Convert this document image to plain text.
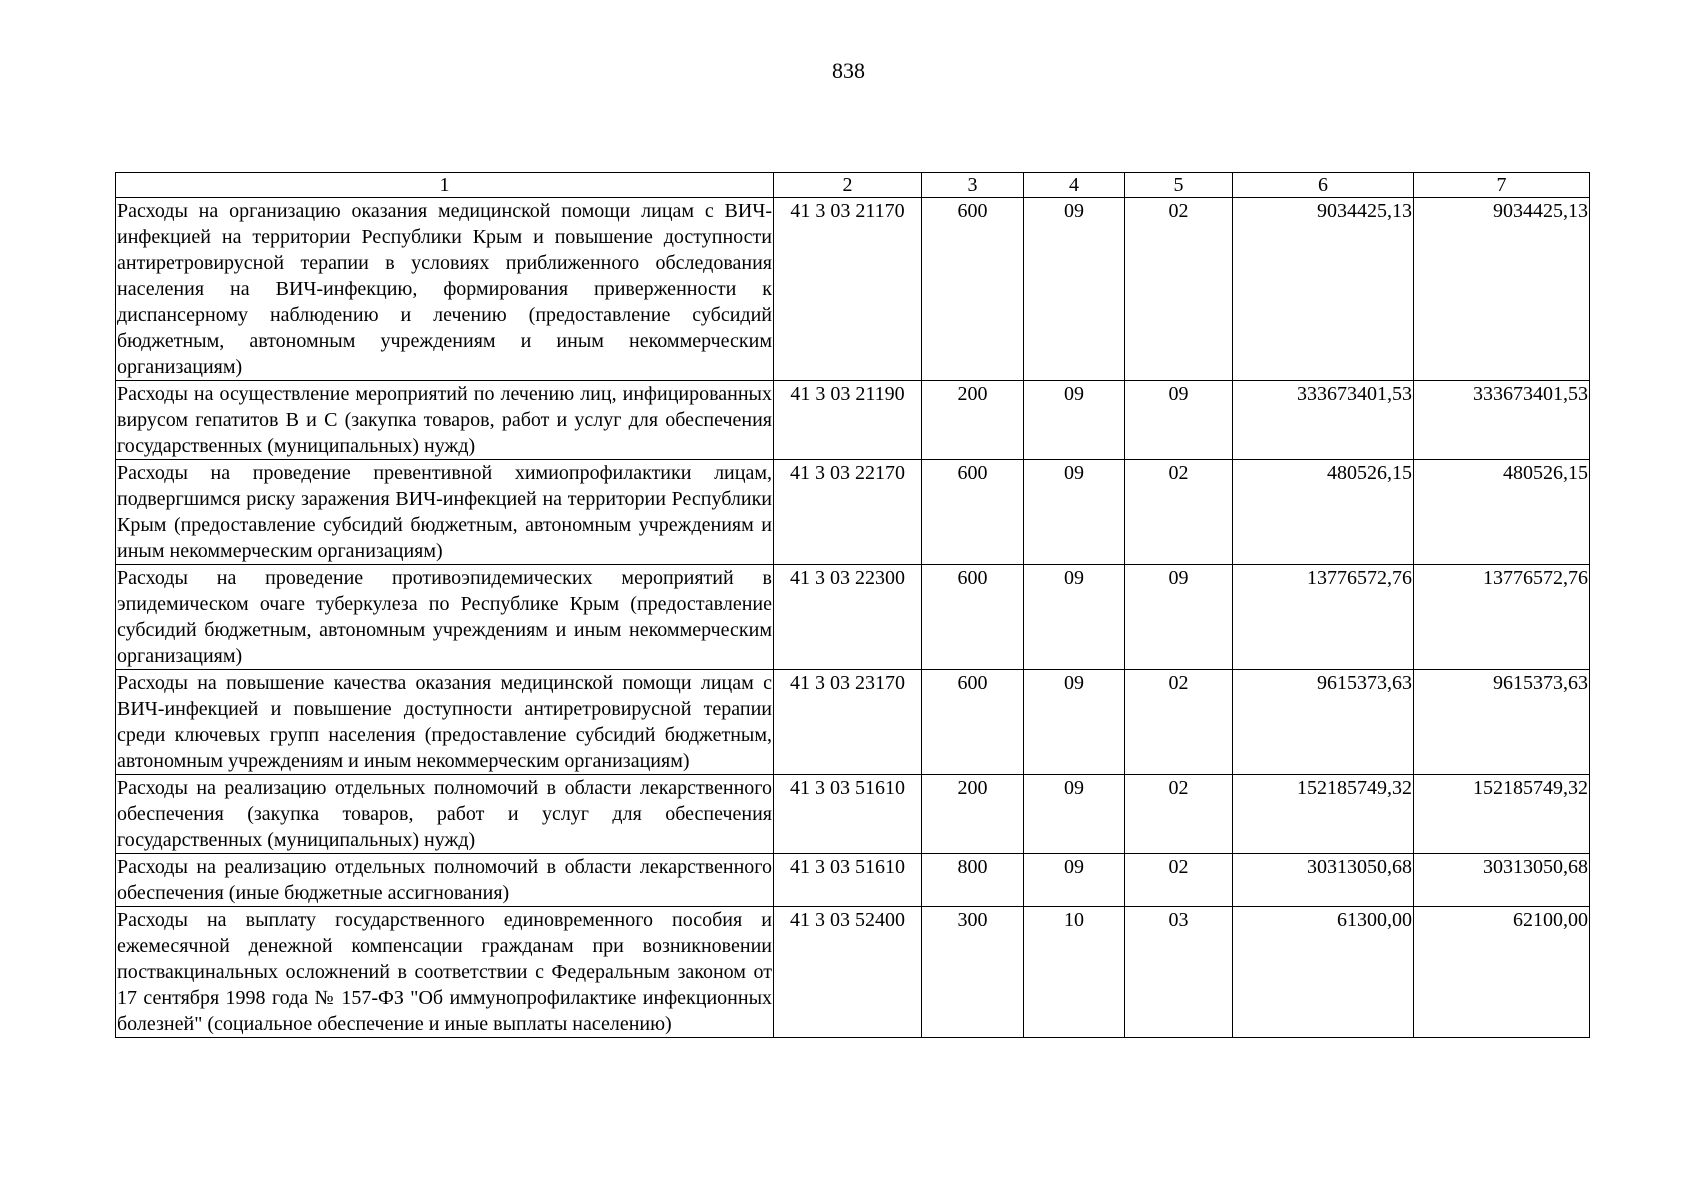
838
1	2	3	4	5	6	7
Расходы на организацию оказания медицинской помощи лицам с ВИЧ-инфекцией на территории Республики Крым и повышение доступности антиретровирусной терапии в условиях приближенного обследования населения на ВИЧ-инфекцию, формирования приверженности к диспансерному наблюдению и лечению (предоставление субсидий бюджетным, автономным учреждениям и иным некоммерческим организациям)	41 3 03 21170	600	09	02	9034425,13	9034425,13
Расходы на осуществление мероприятий по лечению лиц, инфицированных вирусом гепатитов В и С (закупка товаров, работ и услуг для обеспечения государственных (муниципальных) нужд)	41 3 03 21190	200	09	09	333673401,53	333673401,53
Расходы на проведение превентивной химиопрофилактики лицам, подвергшимся риску заражения ВИЧ-инфекцией на территории Республики Крым (предоставление субсидий бюджетным, автономным учреждениям и иным некоммерческим организациям)	41 3 03 22170	600	09	02	480526,15	480526,15
Расходы на проведение противоэпидемических мероприятий в эпидемическом очаге туберкулеза по Республике Крым (предоставление субсидий бюджетным, автономным учреждениям и иным некоммерческим организациям)	41 3 03 22300	600	09	09	13776572,76	13776572,76
Расходы на повышение качества оказания медицинской помощи лицам с ВИЧ-инфекцией и повышение доступности антиретровирусной терапии среди ключевых групп населения (предоставление субсидий бюджетным, автономным учреждениям и иным некоммерческим организациям)	41 3 03 23170	600	09	02	9615373,63	9615373,63
Расходы на реализацию отдельных полномочий в области лекарственного обеспечения (закупка товаров, работ и услуг для обеспечения государственных (муниципальных) нужд)	41 3 03 51610	200	09	02	152185749,32	152185749,32
Расходы на реализацию отдельных полномочий в области лекарственного обеспечения (иные бюджетные ассигнования)	41 3 03 51610	800	09	02	30313050,68	30313050,68
Расходы на выплату государственного единовременного пособия и ежемесячной денежной компенсации гражданам при возникновении поствакцинальных осложнений в соответствии с Федеральным законом от 17 сентября 1998 года № 157-ФЗ "Об иммунопрофилактике инфекционных болезней" (социальное обеспечение и иные выплаты населению)	41 3 03 52400	300	10	03	61300,00	62100,00
